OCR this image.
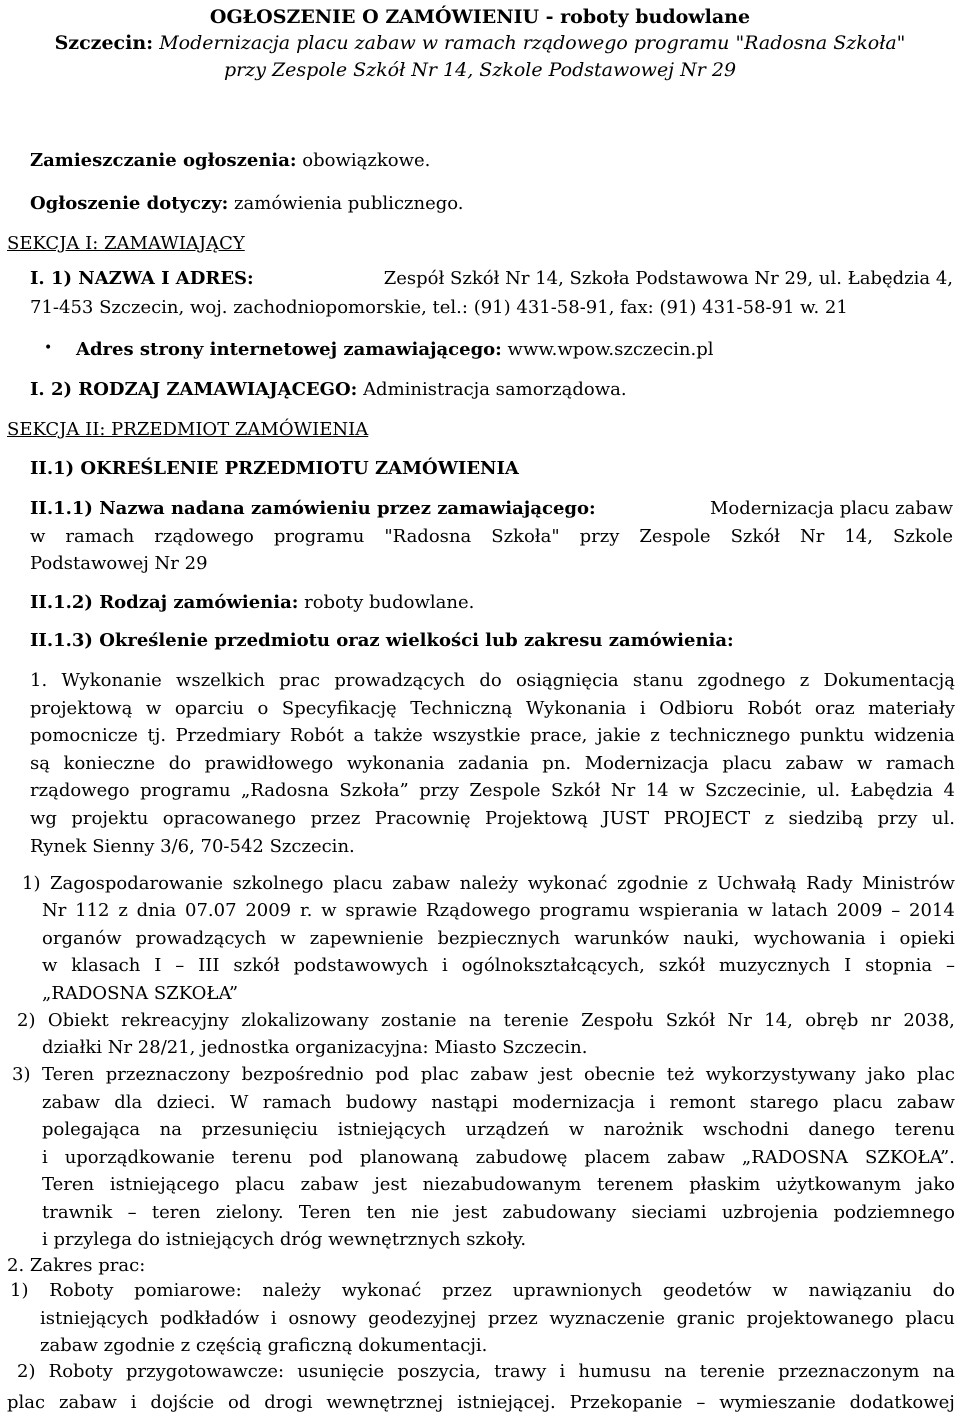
OGŁOSZENIE O ZAMÓWIENIU - roboty budowlane
Szczecin: Modernizacja placu zabaw w ramach rządowego programu "Radosna Szkoła"
przy Zespole Szkół Nr 14, Szkole Podstawowej Nr 29
Zamieszczanie ogłoszenia: obowiązkowe.
Ogłoszenie dotyczy: zamówienia publicznego.
SEKCJA I: ZAMAWIAJĄCY
I. 1) NAZWA I ADRES:	Zespół Szkół Nr 14, Szkoła Podstawowa Nr 29, ul. Łabędzia 4,
71-453 Szczecin, woj. zachodniopomorskie, tel.: (91) 431-58-91, fax: (91) 431-58-91 w. 21
• Adres strony internetowej zamawiającego: www.wpow.szczecin.pl
I. 2) RODZAJ ZAMAWIAJĄCEGO: Administracja samorządowa.
SEKCJA II: PRZEDMIOT ZAMÓWIENIA
II.1) OKREŚLENIE PRZEDMIOTU ZAMÓWIENIA
II.1.1) Nazwa nadana zamówieniu przez zamawiającego:	Modernizacja placu zabaw
w ramach rządowego programu "Radosna Szkoła" przy Zespole Szkół Nr 14, Szkole
Podstawowej Nr 29
II.1.2) Rodzaj zamówienia: roboty budowlane.
II.1.3) Określenie przedmiotu oraz wielkości lub zakresu zamówienia:
1. Wykonanie wszelkich prac prowadzących do osiągnięcia stanu zgodnego z Dokumentacją
projektową w oparciu o Specyfikację Techniczną Wykonania i Odbioru Robót oraz materiały
pomocnicze tj. Przedmiary Robót a także wszystkie prace, jakie z technicznego punktu widzenia
są konieczne do prawidłowego wykonania zadania pn. Modernizacja placu zabaw w ramach
rządowego programu „Radosna Szkoła” przy Zespole Szkół Nr 14 w Szczecinie, ul. Łabędzia 4
wg projektu opracowanego przez Pracownię Projektową JUST PROJECT z siedzibą przy ul.
Rynek Sienny 3/6, 70-542 Szczecin.
1) Zagospodarowanie szkolnego placu zabaw należy wykonać zgodnie z Uchwałą Rady Ministrów
Nr 112 z dnia 07.07 2009 r. w sprawie Rządowego programu wspierania w latach 2009 – 2014
organów prowadzących w zapewnienie bezpiecznych warunków nauki, wychowania i opieki
w klasach I – III szkół podstawowych i ogólnokształcących, szkół muzycznych I stopnia –
„RADOSNA SZKOŁA”
2) Obiekt rekreacyjny zlokalizowany zostanie na terenie Zespołu Szkół Nr 14, obręb nr 2038,
działki Nr 28/21, jednostka organizacyjna: Miasto Szczecin.
3) Teren przeznaczony bezpośrednio pod plac zabaw jest obecnie też wykorzystywany jako plac
zabaw dla dzieci. W ramach budowy nastąpi modernizacja i remont starego placu zabaw
polegająca na przesunięciu istniejących urządzeń w narożnik wschodni danego terenu
i uporządkowanie terenu pod planowaną zabudowę placem zabaw „RADOSNA SZKOŁA”.
Teren istniejącego placu zabaw jest niezabudowanym terenem płaskim użytkowanym jako
trawnik – teren zielony. Teren ten nie jest zabudowany sieciami uzbrojenia podziemnego
i przylega do istniejących dróg wewnętrznych szkoły.
2. Zakres prac:
1) Roboty pomiarowe: należy wykonać przez uprawnionych geodetów w nawiązaniu do
istniejących podkładów i osnowy geodezyjnej przez wyznaczenie granic projektowanego placu
zabaw zgodnie z częścią graficzną dokumentacji.
2) Roboty przygotowawcze: usunięcie poszycia, trawy i humusu na terenie przeznaczonym na
plac zabaw i dojście od drogi wewnętrznej istniejącej. Przekopanie – wymieszanie dodatkowej
